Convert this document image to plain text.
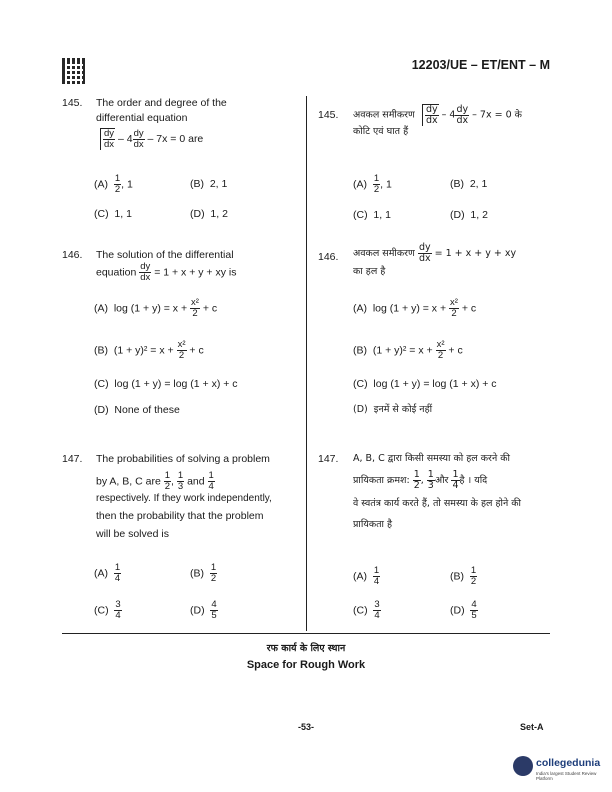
12203/UE – ET/ENT – M
145. The order and degree of the
differential equation
$\frac{dy}{dx} - 4 \frac{dy}{dx} - 7x = 0$ are
$(A) \frac{1}{2}$ , 1	(B) 2, 1
(C) 1, 1	(D) 1, 2
145. अवकल समीकरण $\frac{dy}{dx} - 4 \frac{dy}{dx} - 7x = 0$ के
कोटि एवं घात हैं
$(A) \frac{1}{2}$ , 1	(B) 2, 1
(C) 1, 1	(D) 1, 2
146. The solution of the differential
equation $\frac{dy}{dx} = 1 + x + y$ + xy is
(A) $\log (1 + y) = x + \frac{\text{x²}}{2} + c$
(B) $(1 + y)^2 = x + \frac{\text{x²}}{2} + c$
(C) log (1 + y) = log (1 + x) + c
(D) None of these
146. अवकल समीकरण $\frac{dy}{dx} = 1 + x + y$ + xy
का हल है
(A) $\log (1 + y) = x + \frac{\text{x²}}{2} + c$
(B) $(1 + y)^2 = x + \frac{\text{x²}}{2} + c$
(C) log (1 + y) = log (1 + x) + c
(D) इनमें से कोई नहीं
147. The probabilities of solving a problem
by A, B, C are $\frac{1}{2}$ , $\frac{1}{3}$ and $\frac{1}{4}$
respectively. If they work independently,
then the probability that the problem
will be solved is
$(A) \frac{1}{4}$	$(B) \frac{1}{2}$
$(C) \frac{3}{4}$	$(D) \frac{4}{5}$
147. A, B, C द्वारा किसी समस्या को हल करने की
प्रायिकता क्रमश: $\frac{1}{2}$ , $\frac{1}{3}$ और $\frac{1}{4}$ है । यदि
वे स्वतंत्र कार्य करते हैं, तो समस्या के हल होने की
प्रायिकता है
$(A) \frac{1}{4}$	$(B) \frac{1}{2}$
$(C) \frac{3}{4}$	$(D) \frac{4}{5}$
रफ कार्य के लिए स्थान
Space for Rough Work
-53-	Set-A
collegedunia
India's largest Student Review Platform
